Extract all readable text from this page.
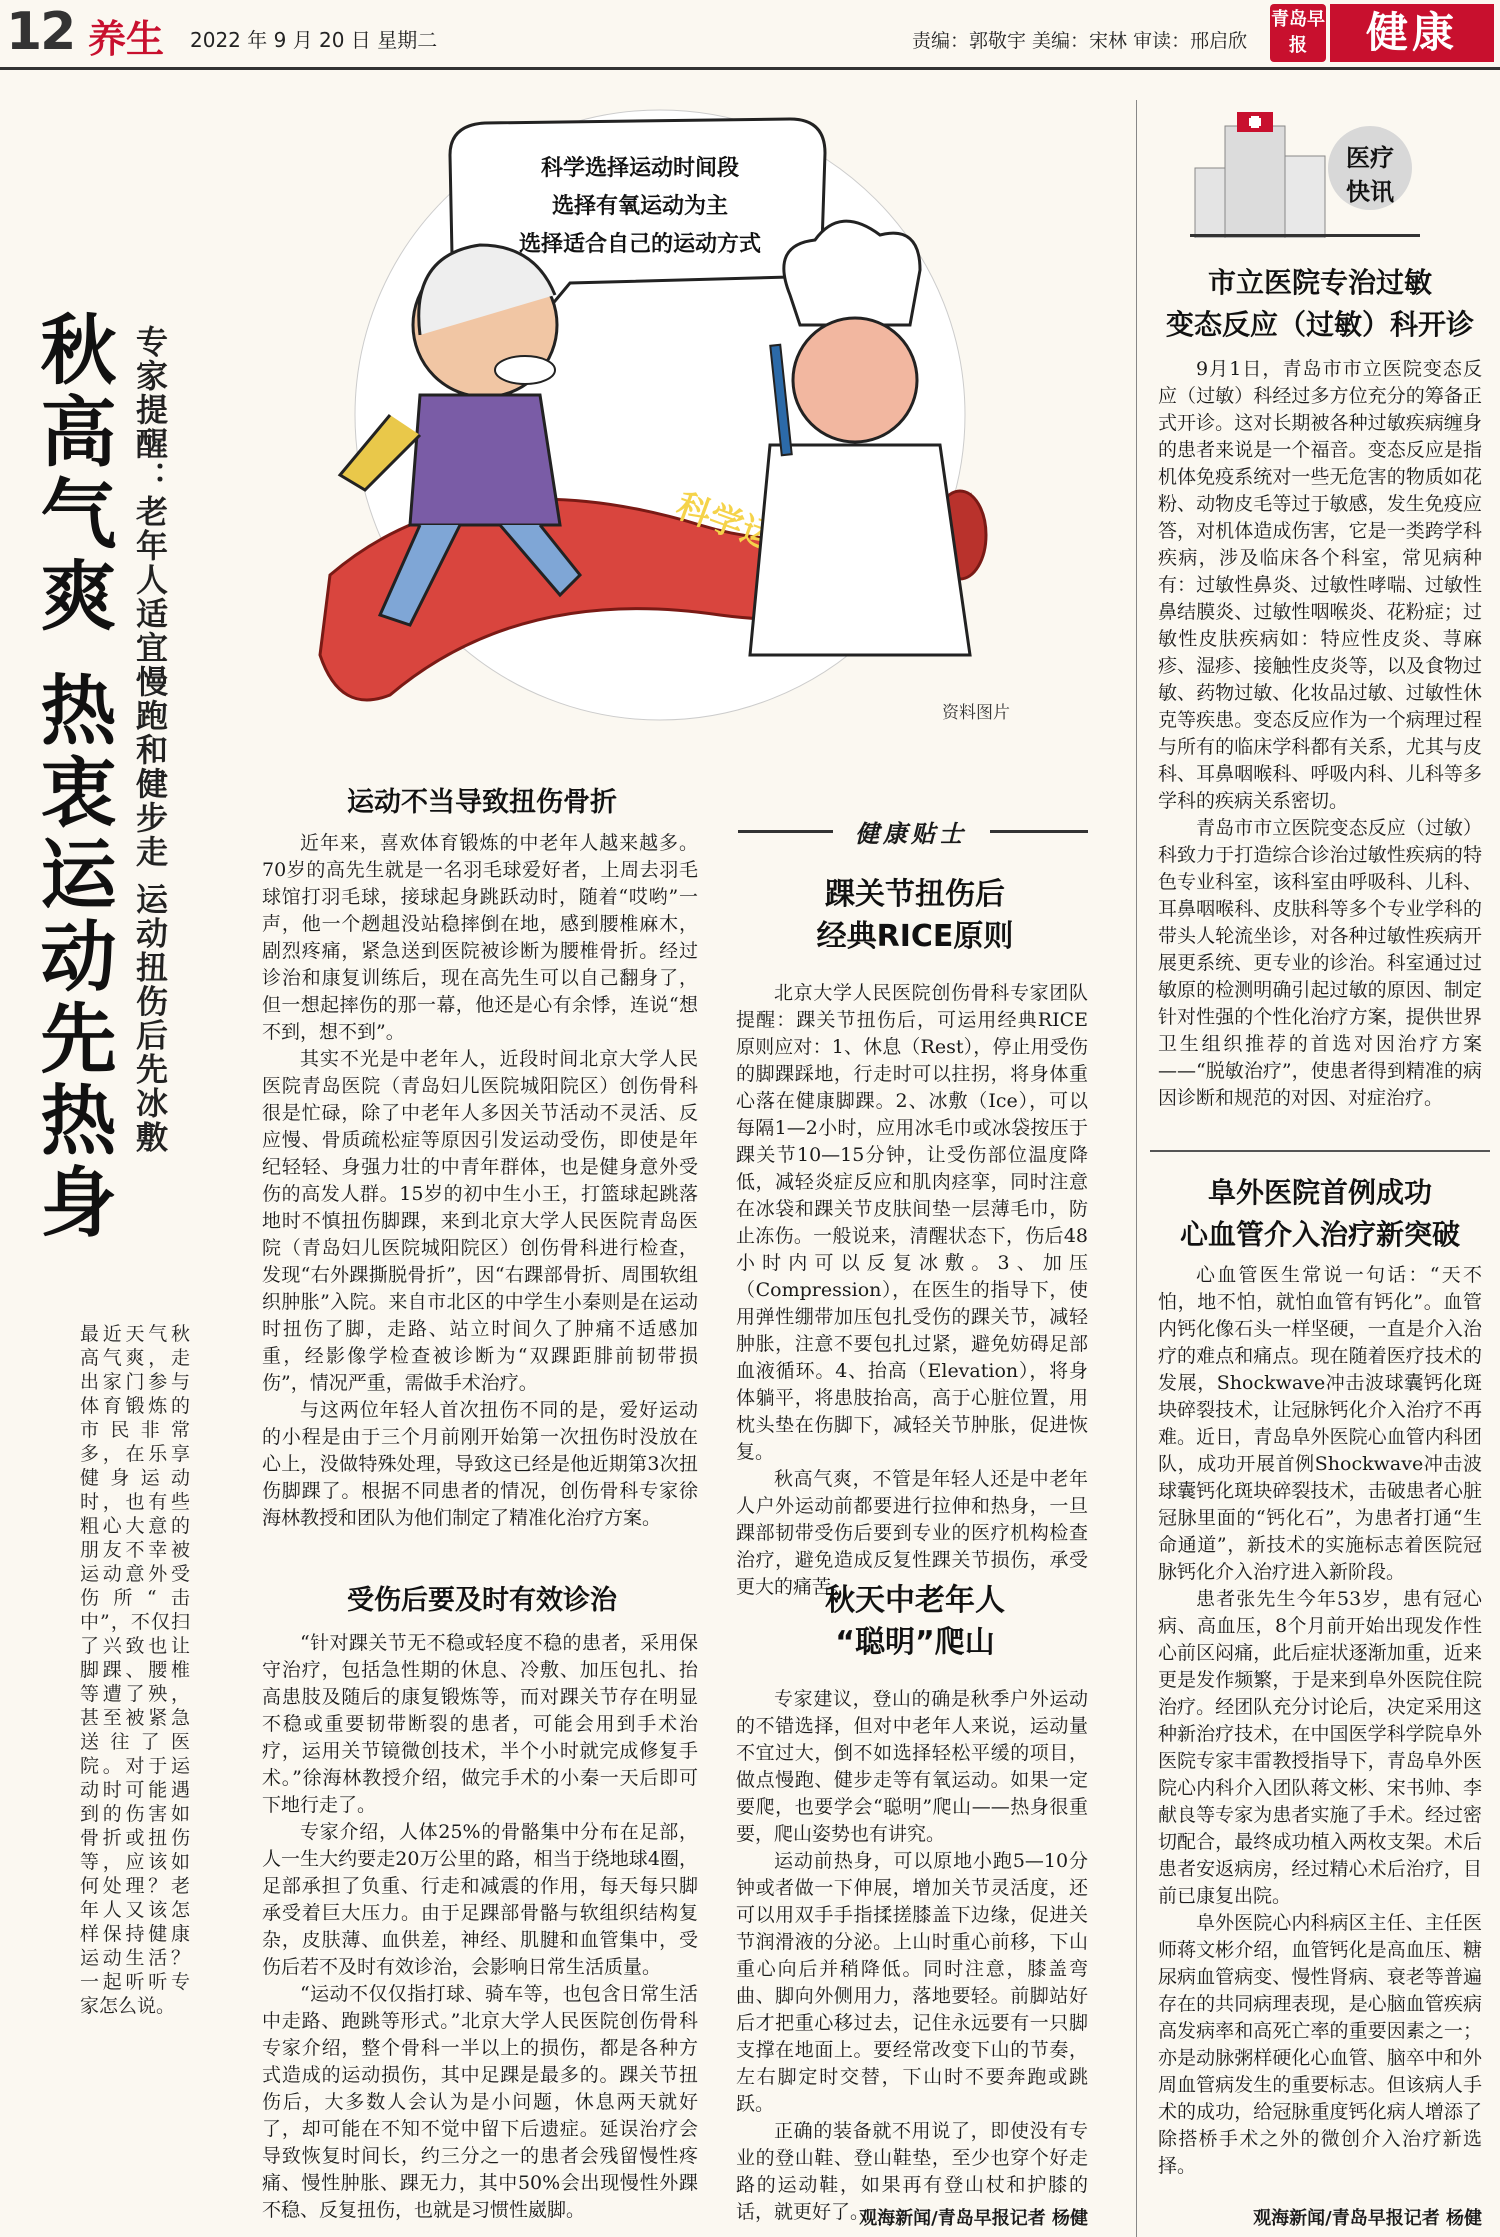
12 养生 2022 年 9 月 20 日 星期二	责编：郭敬宇 美编：宋林 审读：邢启欣
青岛早报	健康
科学选择运动时间段
选择有氧运动为主
选择适合自己的运动方式
资料图片
秋高气爽 热衷运动先热身 专家提醒：老年人适宜慢跑和健步走 运动扭伤后先冰敷
最近天气秋高气爽，走出家门参与体育锻炼的市民非常多，在乐享健身运动时，也有些粗心大意的朋友不幸被运动意外受伤所“击中”，不仅扫了兴致也让脚踝、腰椎等遭了殃，甚至被紧急送往了医院。对于运动时可能遇到的伤害如骨折或扭伤等，应该如何处理？老年人又该怎样保持健康运动生活？一起听听专家怎么说。
运动不当导致扭伤骨折

近年来，喜欢体育锻炼的中老年人越来越多。70岁的高先生就是一名羽毛球爱好者，上周去羽毛球馆打羽毛球，接球起身跳跃动时，随着“哎哟”一声，他一个趔趄没站稳摔倒在地，感到腰椎麻木，剧烈疼痛，紧急送到医院被诊断为腰椎骨折。经过诊治和康复训练后，现在高先生可以自己翻身了，但一想起摔伤的那一幕，他还是心有余悸，连说“想不到，想不到”。

其实不光是中老年人，近段时间北京大学人民医院青岛医院（青岛妇儿医院城阳院区）创伤骨科很是忙碌，除了中老年人多因关节活动不灵活、反应慢、骨质疏松症等原因引发运动受伤，即使是年纪轻轻、身强力壮的中青年群体，也是健身意外受伤的高发人群。15岁的初中生小王，打篮球起跳落地时不慎扭伤脚踝，来到北京大学人民医院青岛医院（青岛妇儿医院城阳院区）创伤骨科进行检查，发现“右外踝撕脱骨折”，因“右踝部骨折、周围软组织肿胀”入院。来自市北区的中学生小秦则是在运动时扭伤了脚，走路、站立时间久了肿痛不适感加重，经影像学检查被诊断为“双踝距腓前韧带损伤”，情况严重，需做手术治疗。

与这两位年轻人首次扭伤不同的是，爱好运动的小程是由于三个月前刚开始第一次扭伤时没放在心上，没做特殊处理，导致这已经是他近期第3次扭伤脚踝了。根据不同患者的情况，创伤骨科专家徐海林教授和团队为他们制定了精准化治疗方案。

受伤后要及时有效诊治

“针对踝关节无不稳或轻度不稳的患者，采用保守治疗，包括急性期的休息、冷敷、加压包扎、抬高患肢及随后的康复锻炼等，而对踝关节存在明显不稳或重要韧带断裂的患者，可能会用到手术治疗，运用关节镜微创技术，半个小时就完成修复手术。”徐海林教授介绍，做完手术的小秦一天后即可下地行走了。

专家介绍，人体25%的骨骼集中分布在足部，人一生大约要走20万公里的路，相当于绕地球4圈，足部承担了负重、行走和减震的作用，每天每只脚承受着巨大压力。由于足踝部骨骼与软组织结构复杂，皮肤薄、血供差，神经、肌腱和血管集中，受伤后若不及时有效诊治，会影响日常生活质量。

“运动不仅仅指打球、骑车等，也包含日常生活中走路、跑跳等形式。”北京大学人民医院创伤骨科专家介绍，整个骨科一半以上的损伤，都是各种方式造成的运动损伤，其中足踝是最多的。踝关节扭伤后，大多数人会认为是小问题，休息两天就好了，却可能在不知不觉中留下后遗症。延误治疗会导致恢复时间长，约三分之一的患者会残留慢性疼痛、慢性肿胀、踝无力，其中50%会出现慢性外踝不稳、反复扭伤，也就是习惯性崴脚。

健康贴士
踝关节扭伤后
经典RICE原则

北京大学人民医院创伤骨科专家团队提醒：踝关节扭伤后，可运用经典RICE原则应对：1、休息（Rest），停止用受伤的脚踝踩地，行走时可以拄拐，将身体重心落在健康脚踝。2、冰敷（Ice），可以每隔1—2小时，应用冰毛巾或冰袋按压于踝关节10—15分钟，让受伤部位温度降低，减轻炎症反应和肌肉痉挛，同时注意在冰袋和踝关节皮肤间垫一层薄毛巾，防止冻伤。一般说来，清醒状态下，伤后48小时内可以反复冰敷。3、加压（Compression），在医生的指导下，使用弹性绷带加压包扎受伤的踝关节，减轻肿胀，注意不要包扎过紧，避免妨碍足部血液循环。4、抬高（Elevation），将身体躺平，将患肢抬高，高于心脏位置，用枕头垫在伤脚下，减轻关节肿胀，促进恢复。

秋高气爽，不管是年轻人还是中老年人户外运动前都要进行拉伸和热身，一旦踝部韧带受伤后要到专业的医疗机构检查治疗，避免造成反复性踝关节损伤，承受更大的痛苦。

秋天中老年人
“聪明”爬山

专家建议，登山的确是秋季户外运动的不错选择，但对中老年人来说，运动量不宜过大，倒不如选择轻松平缓的项目，做点慢跑、健步走等有氧运动。如果一定要爬，也要学会“聪明”爬山——热身很重要，爬山姿势也有讲究。

运动前热身，可以原地小跑5—10分钟或者做一下伸展，增加关节灵活度，还可以用双手手指揉搓膝盖下边缘，促进关节润滑液的分泌。上山时重心前移，下山重心向后并稍降低。同时注意，膝盖弯曲、脚向外侧用力，落地要轻。前脚站好后才把重心移过去，记住永远要有一只脚支撑在地面上。要经常改变下山的节奏，左右脚定时交替，下山时不要奔跑或跳跃。

正确的装备就不用说了，即使没有专业的登山鞋、登山鞋垫，至少也穿个好走路的运动鞋，如果再有登山杖和护膝的话，就更好了。

观海新闻/青岛早报记者 杨健
医疗
快讯
市立医院专治过敏
变态反应（过敏）科开诊

9月1日，青岛市市立医院变态反应（过敏）科经过多方位充分的筹备正式开诊。这对长期被各种过敏疾病缠身的患者来说是一个福音。变态反应是指机体免疫系统对一些无危害的物质如花粉、动物皮毛等过于敏感，发生免疫应答，对机体造成伤害，它是一类跨学科疾病，涉及临床各个科室，常见病种有：过敏性鼻炎、过敏性哮喘、过敏性鼻结膜炎、过敏性咽喉炎、花粉症；过敏性皮肤疾病如：特应性皮炎、荨麻疹、湿疹、接触性皮炎等，以及食物过敏、药物过敏、化妆品过敏、过敏性休克等疾患。变态反应作为一个病理过程与所有的临床学科都有关系，尤其与皮科、耳鼻咽喉科、呼吸内科、儿科等多学科的疾病关系密切。

青岛市市立医院变态反应（过敏）科致力于打造综合诊治过敏性疾病的特色专业科室，该科室由呼吸科、儿科、耳鼻咽喉科、皮肤科等多个专业学科的带头人轮流坐诊，对各种过敏性疾病开展更系统、更专业的诊治。科室通过过敏原的检测明确引起过敏的原因、制定针对性强的个性化治疗方案，提供世界卫生组织推荐的首选对因治疗方案——“脱敏治疗”，使患者得到精准的病因诊断和规范的对因、对症治疗。

阜外医院首例成功
心血管介入治疗新突破

心血管医生常说一句话：“天不怕，地不怕，就怕血管有钙化”。血管内钙化像石头一样坚硬，一直是介入治疗的难点和痛点。现在随着医疗技术的发展，Shockwave冲击波球囊钙化斑块碎裂技术，让冠脉钙化介入治疗不再难。近日，青岛阜外医院心血管内科团队，成功开展首例Shockwave冲击波球囊钙化斑块碎裂技术，击破患者心脏冠脉里面的“钙化石”，为患者打通“生命通道”，新技术的实施标志着医院冠脉钙化介入治疗进入新阶段。

患者张先生今年53岁，患有冠心病、高血压，8个月前开始出现发作性心前区闷痛，此后症状逐渐加重，近来更是发作频繁，于是来到阜外医院住院治疗。经团队充分讨论后，决定采用这种新治疗技术，在中国医学科学院阜外医院专家丰雷教授指导下，青岛阜外医院心内科介入团队蒋文彬、宋书帅、李献良等专家为患者实施了手术。经过密切配合，最终成功植入两枚支架。术后患者安返病房，经过精心术后治疗，目前已康复出院。

阜外医院心内科病区主任、主任医师蒋文彬介绍，血管钙化是高血压、糖尿病血管病变、慢性肾病、衰老等普遍存在的共同病理表现，是心脑血管疾病高发病率和高死亡率的重要因素之一；亦是动脉粥样硬化心血管、脑卒中和外周血管病发生的重要标志。但该病人手术的成功，给冠脉重度钙化病人增添了除搭桥手术之外的微创介入治疗新选择。

观海新闻/青岛早报记者 杨健
